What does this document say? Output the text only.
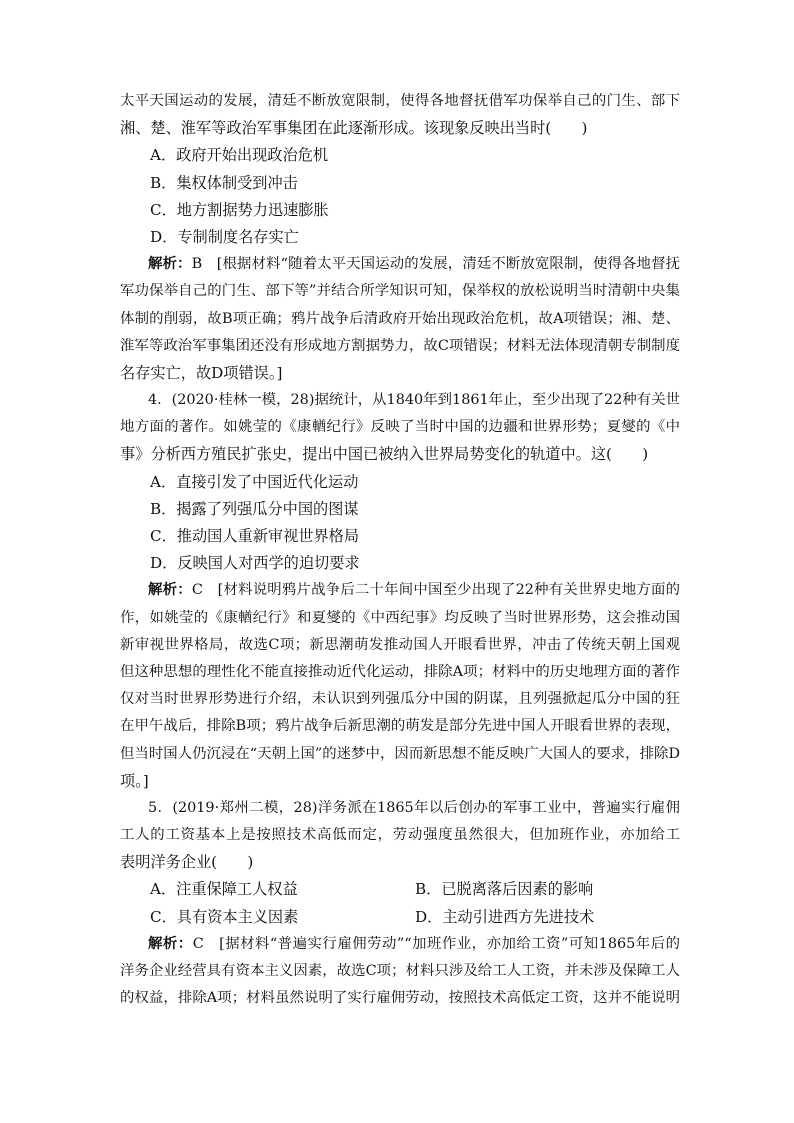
太平天国运动的发展，清廷不断放宽限制，使得各地督抚借军功保举自己的门生、部下
湘、楚、淮军等政治军事集团在此逐渐形成。该现象反映出当时(　　)
A．政府开始出现政治危机
B．集权体制受到冲击
C．地方割据势力迅速膨胀
D．专制制度名存实亡
解析：B　[根据材料“随着太平天国运动的发展，清廷不断放宽限制，使得各地督抚
军功保举自己的门生、部下等”并结合所学知识可知，保举权的放松说明当时清朝中央集
体制的削弱，故B项正确；鸦片战争后清政府开始出现政治危机，故A项错误；湘、楚、
淮军等政治军事集团还没有形成地方割据势力，故C项错误；材料无法体现清朝专制制度
名存实亡，故D项错误。]
4．(2020·桂林一模，28)据统计，从1840年到1861年止，至少出现了22种有关世
地方面的著作。如姚莹的《康輶纪行》反映了当时中国的边疆和世界形势；夏燮的《中
事》分析西方殖民扩张史，提出中国已被纳入世界局势变化的轨道中。这(　　)
A．直接引发了中国近代化运动
B．揭露了列强瓜分中国的图谋
C．推动国人重新审视世界格局
D．反映国人对西学的迫切要求
解析：C　[材料说明鸦片战争后二十年间中国至少出现了22种有关世界史地方面的
作，如姚莹的《康輶纪行》和夏燮的《中西纪事》均反映了当时世界形势，这会推动国
新审视世界格局，故选C项；新思潮萌发推动国人开眼看世界，冲击了传统天朝上国观
但这种思想的理性化不能直接推动近代化运动，排除A项；材料中的历史地理方面的著作
仅对当时世界形势进行介绍，未认识到列强瓜分中国的阴谋，且列强掀起瓜分中国的狂
在甲午战后，排除B项；鸦片战争后新思潮的萌发是部分先进中国人开眼看世界的表现，
但当时国人仍沉浸在“天朝上国”的迷梦中，因而新思想不能反映广大国人的要求，排除D
项。]
5．(2019·郑州二模，28)洋务派在1865年以后创办的军事工业中，普遍实行雇佣
工人的工资基本上是按照技术高低而定，劳动强度虽然很大，但加班作业，亦加给工
表明洋务企业(　　)
A．注重保障工人权益	B．已脱离落后因素的影响
C．具有资本主义因素	D．主动引进西方先进技术
解析：C　[据材料“普遍实行雇佣劳动”“加班作业，亦加给工资”可知1865年后的
洋务企业经营具有资本主义因素，故选C项；材料只涉及给工人工资，并未涉及保障工人
的权益，排除A项；材料虽然说明了实行雇佣劳动，按照技术高低定工资，这并不能说明
